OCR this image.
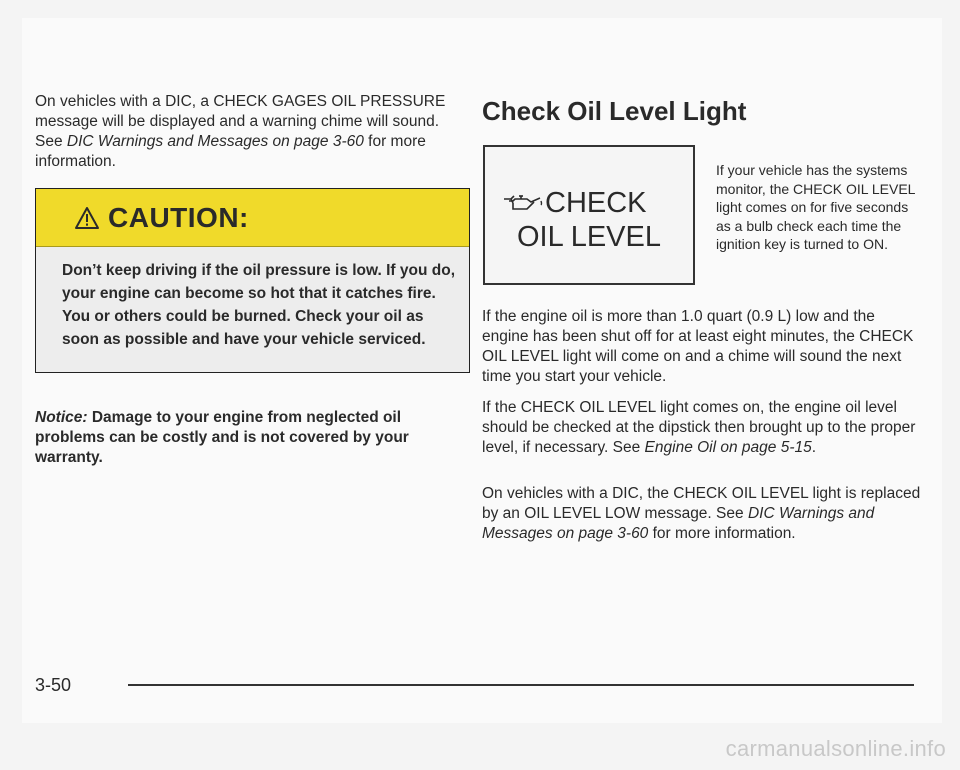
On vehicles with a DIC, a CHECK GAGES OIL PRESSURE message will be displayed and a warning chime will sound. See DIC Warnings and Messages on page 3-60 for more information.

CAUTION:
Don’t keep driving if the oil pressure is low. If you do, your engine can become so hot that it catches fire. You or others could be burned. Check your oil as soon as possible and have your vehicle serviced.

Notice: Damage to your engine from neglected oil problems can be costly and is not covered by your warranty.

Check Oil Level Light
CHECK
OIL LEVEL

If your vehicle has the systems monitor, the CHECK OIL LEVEL light comes on for five seconds as a bulb check each time the ignition key is turned to ON.

If the engine oil is more than 1.0 quart (0.9 L) low and the engine has been shut off for at least eight minutes, the CHECK OIL LEVEL light will come on and a chime will sound the next time you start your vehicle.

If the CHECK OIL LEVEL light comes on, the engine oil level should be checked at the dipstick then brought up to the proper level, if necessary. See Engine Oil on page 5-15.

On vehicles with a DIC, the CHECK OIL LEVEL light is replaced by an OIL LEVEL LOW message. See DIC Warnings and Messages on page 3-60 for more information.

3-50
carmanualsonline.info
